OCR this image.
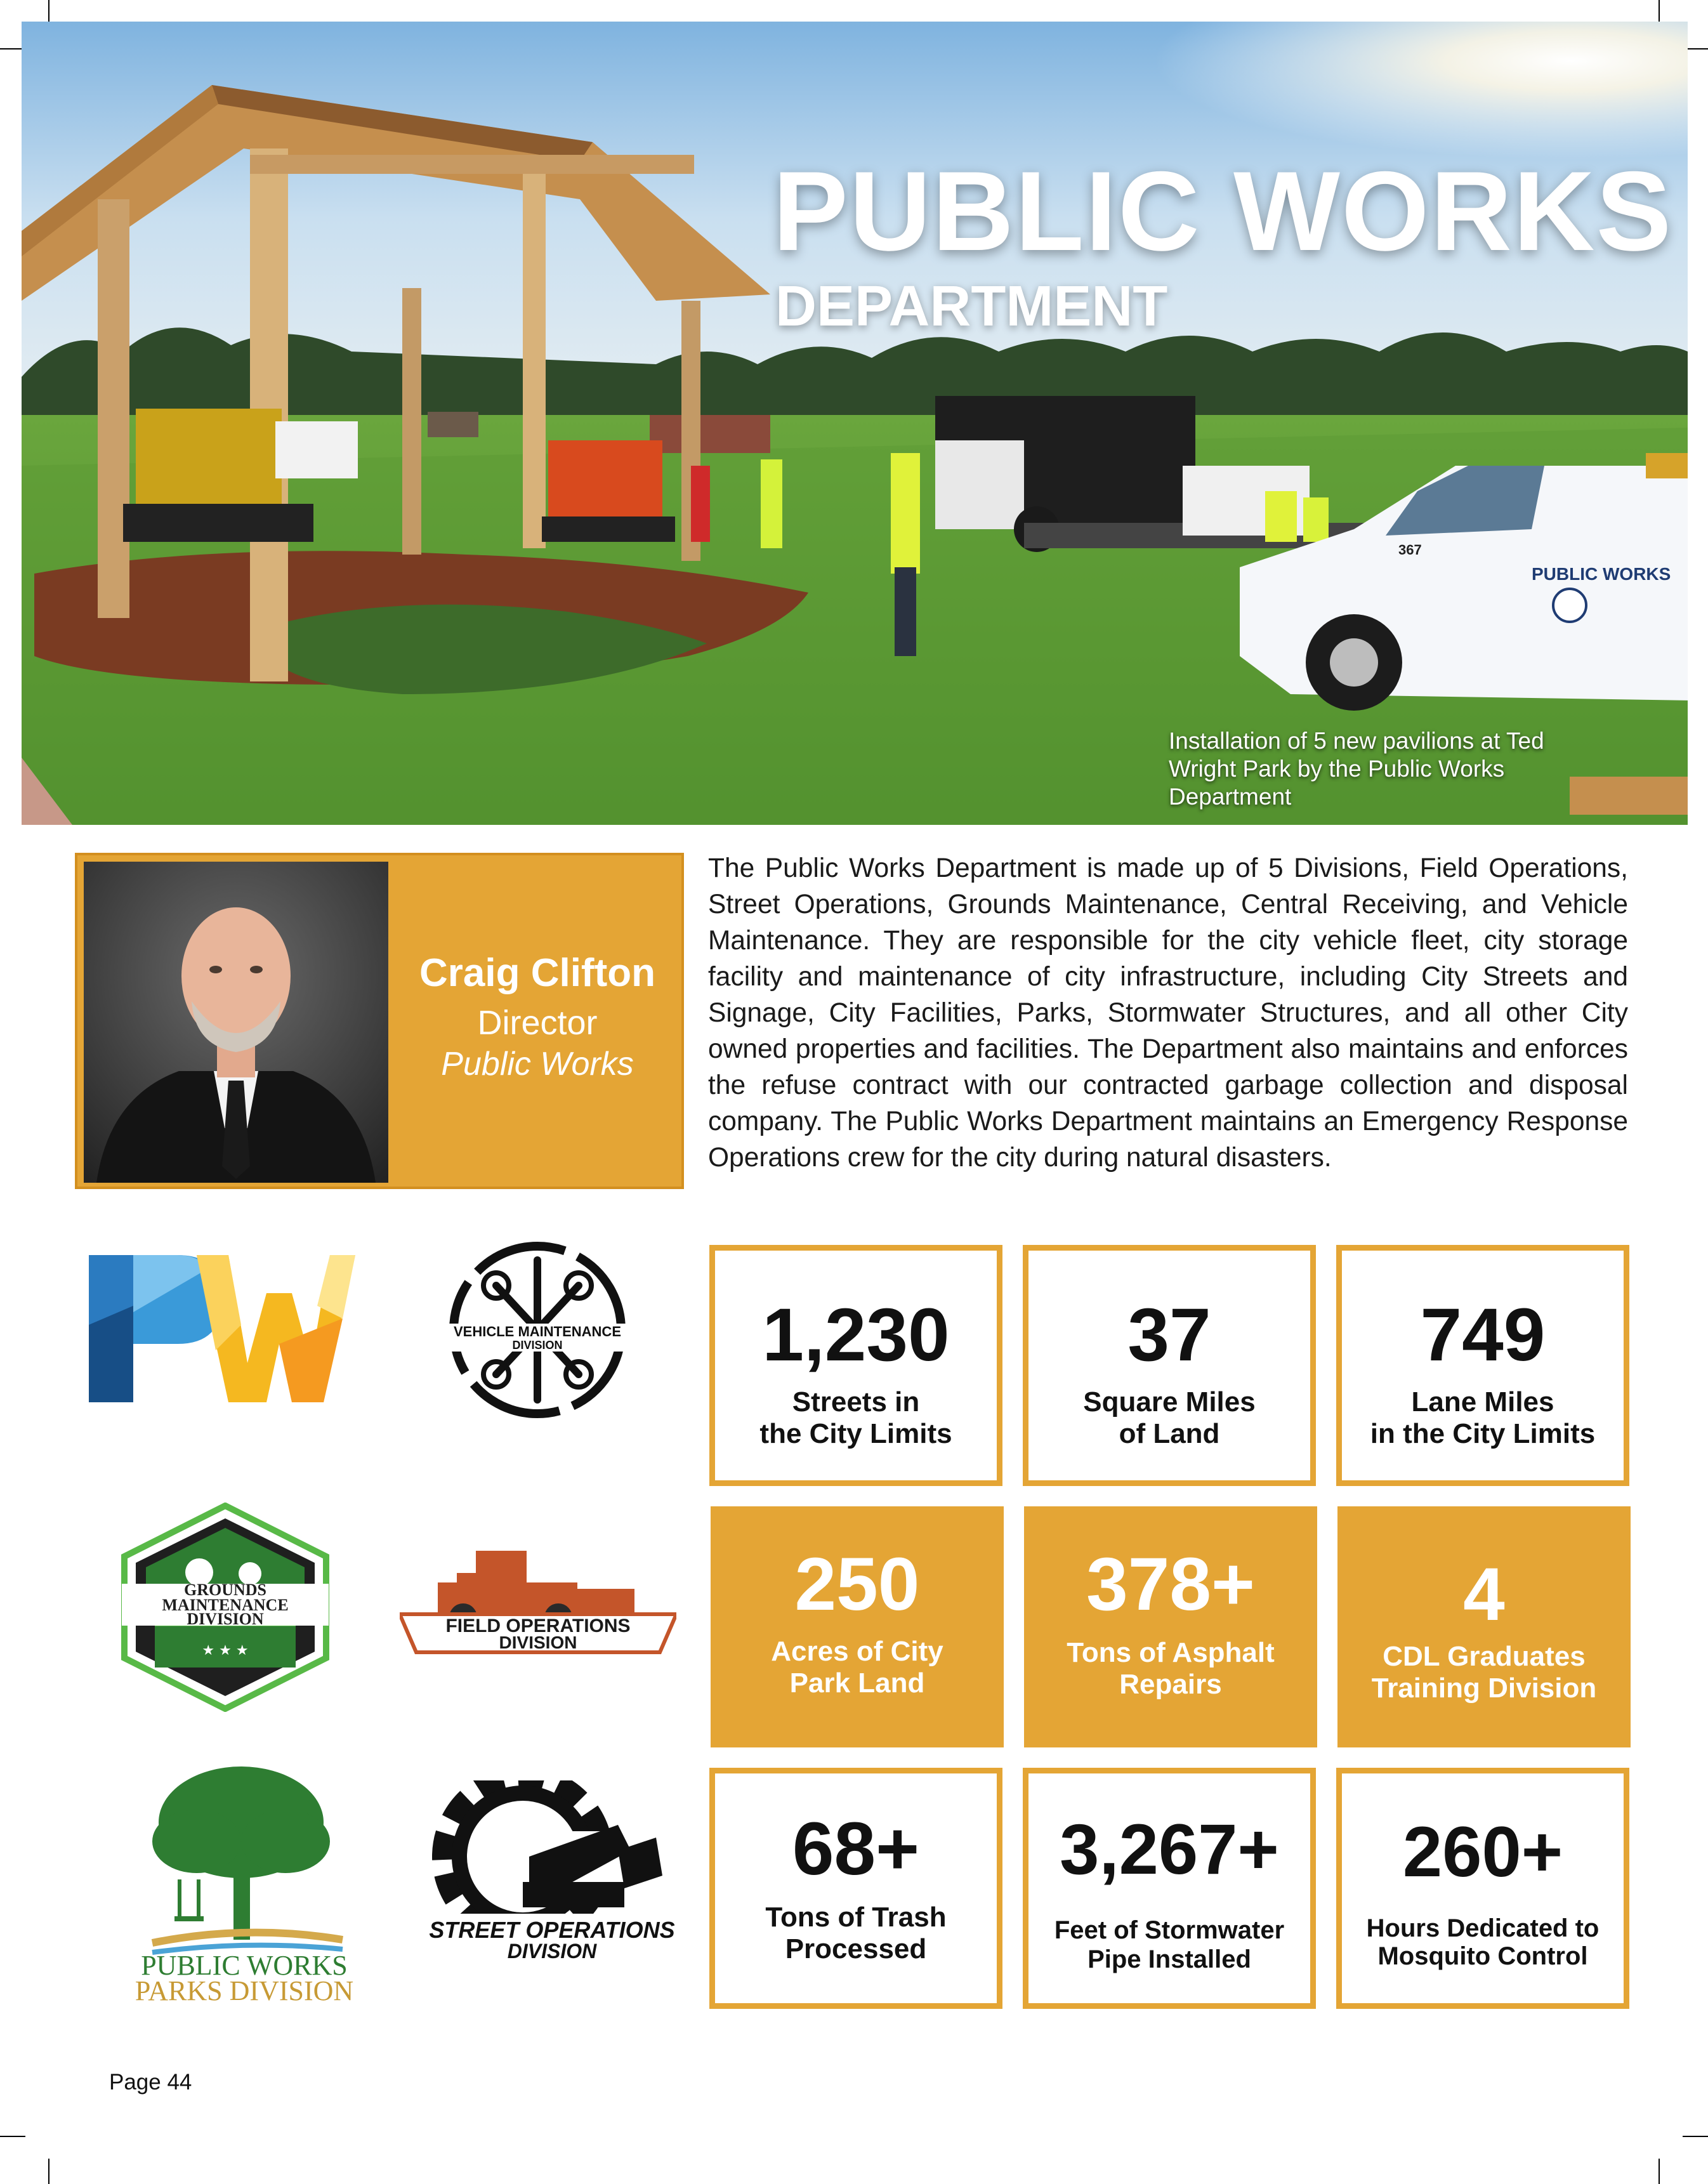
PUBLIC WORKS
367
PUBLIC WORKS
DEPARTMENT
Installation of 5 new pavilions at Ted Wright Park by the Public Works Department
Craig Clifton
Director
Public Works

The Public Works Department is made up of 5 Divisions, Field Operations, Street Operations, Grounds Maintenance, Central Receiving, and Vehicle Maintenance. They are responsible for the city vehicle fleet, city storage facility and maintenance of city infrastructure, including City Streets and Signage, City Facilities, Parks, Stormwater Structures, and all other City owned properties and facilities. The Department also maintains and enforces the refuse contract with our contracted garbage collection and disposal company. The Public Works Department maintains an Emergency Response Operations crew for the city during natural disasters.

VEHICLE MAINTENANCE
DIVISION
GROUNDS
MAINTENANCE
DIVISION
★ ★ ★
FIELD OPERATIONS
DIVISION
PUBLIC WORKS
PARKS DIVISION
STREET OPERATIONS
DIVISION
1,230
Streets in
the City Limits
37
Square Miles
of Land
749
Lane Miles
in the City Limits
250
Acres of City
Park Land
378+
Tons of Asphalt
Repairs
4
CDL Graduates
Training Division
68+
Tons of Trash
Processed
3,267+
Feet of Stormwater
Pipe Installed
260+
Hours Dedicated to
Mosquito Control
Page 44
